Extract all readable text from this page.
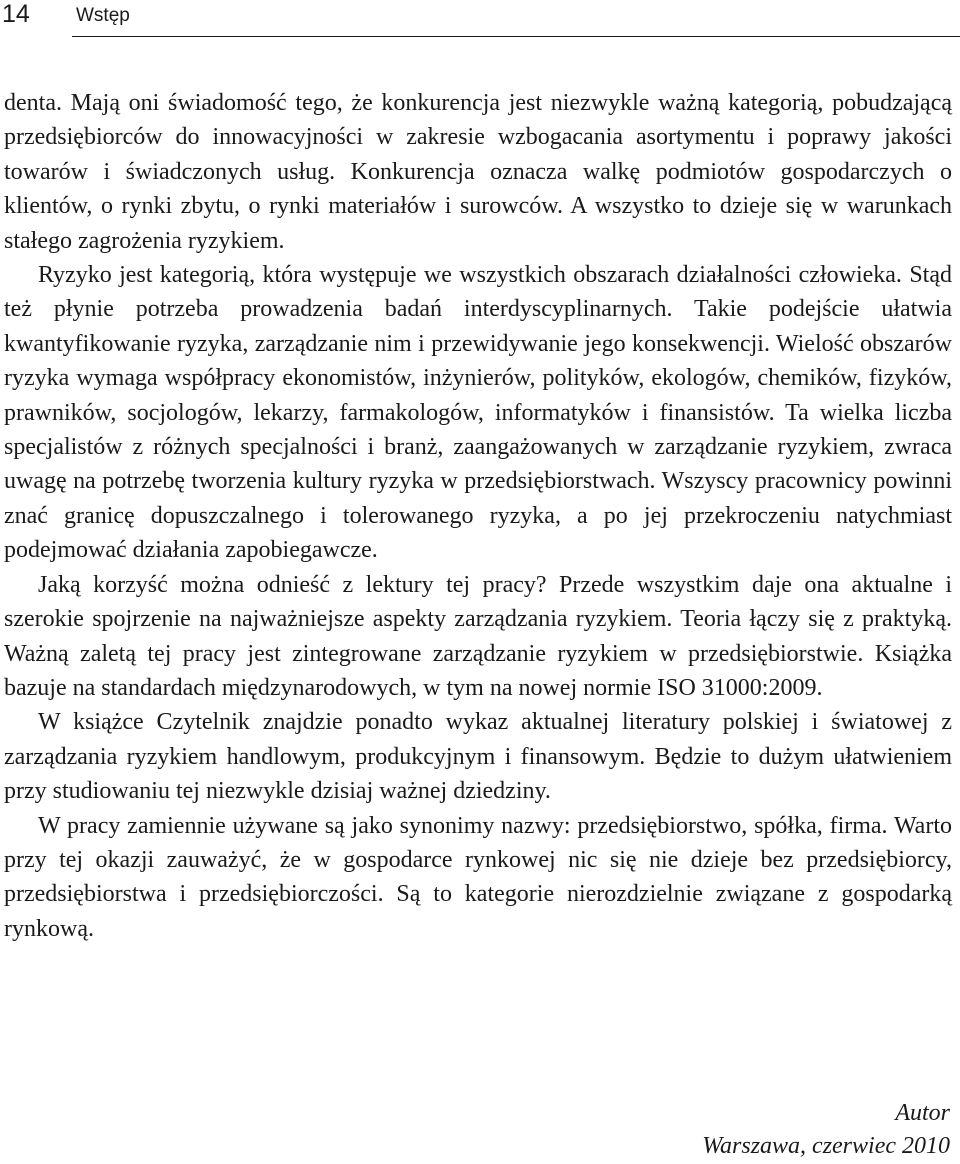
14 Wstęp

denta. Mają oni świadomość tego, że konkurencja jest niezwykle ważną kategorią, pobudzającą przedsiębiorców do innowacyjności w zakresie wzbogacania asortymentu i poprawy jakości towarów i świadczonych usług. Konkurencja oznacza walkę podmiotów gospodarczych o klientów, o rynki zbytu, o rynki materiałów i surowców. A wszystko to dzieje się w warunkach stałego zagrożenia ryzykiem.

Ryzyko jest kategorią, która występuje we wszystkich obszarach działalności człowieka. Stąd też płynie potrzeba prowadzenia badań interdyscyplinarnych. Takie podejście ułatwia kwantyfikowanie ryzyka, zarządzanie nim i przewidywanie jego konsekwencji. Wielość obszarów ryzyka wymaga współpracy ekonomistów, inżynierów, polityków, ekologów, chemików, fizyków, prawników, socjologów, lekarzy, farmakologów, informatyków i finansistów. Ta wielka liczba specjalistów z różnych specjalności i branż, zaangażowanych w zarządzanie ryzykiem, zwraca uwagę na potrzebę tworzenia kultury ryzyka w przedsiębiorstwach. Wszyscy pracownicy powinni znać granicę dopuszczalnego i tolerowanego ryzyka, a po jej przekroczeniu natychmiast podejmować działania zapobiegawcze.

Jaką korzyść można odnieść z lektury tej pracy? Przede wszystkim daje ona aktualne i szerokie spojrzenie na najważniejsze aspekty zarządzania ryzykiem. Teoria łączy się z praktyką. Ważną zaletą tej pracy jest zintegrowane zarządzanie ryzykiem w przedsiębiorstwie. Książka bazuje na standardach międzynarodowych, w tym na nowej normie ISO 31000:2009.

W książce Czytelnik znajdzie ponadto wykaz aktualnej literatury polskiej i światowej z zarządzania ryzykiem handlowym, produkcyjnym i finansowym. Będzie to dużym ułatwieniem przy studiowaniu tej niezwykle dzisiaj ważnej dziedziny.

W pracy zamiennie używane są jako synonimy nazwy: przedsiębiorstwo, spółka, firma. Warto przy tej okazji zauważyć, że w gospodarce rynkowej nic się nie dzieje bez przedsiębiorcy, przedsiębiorstwa i przedsiębiorczości. Są to kategorie nierozdzielnie związane z gospodarką rynkową.

Autor
Warszawa, czerwiec 2010
